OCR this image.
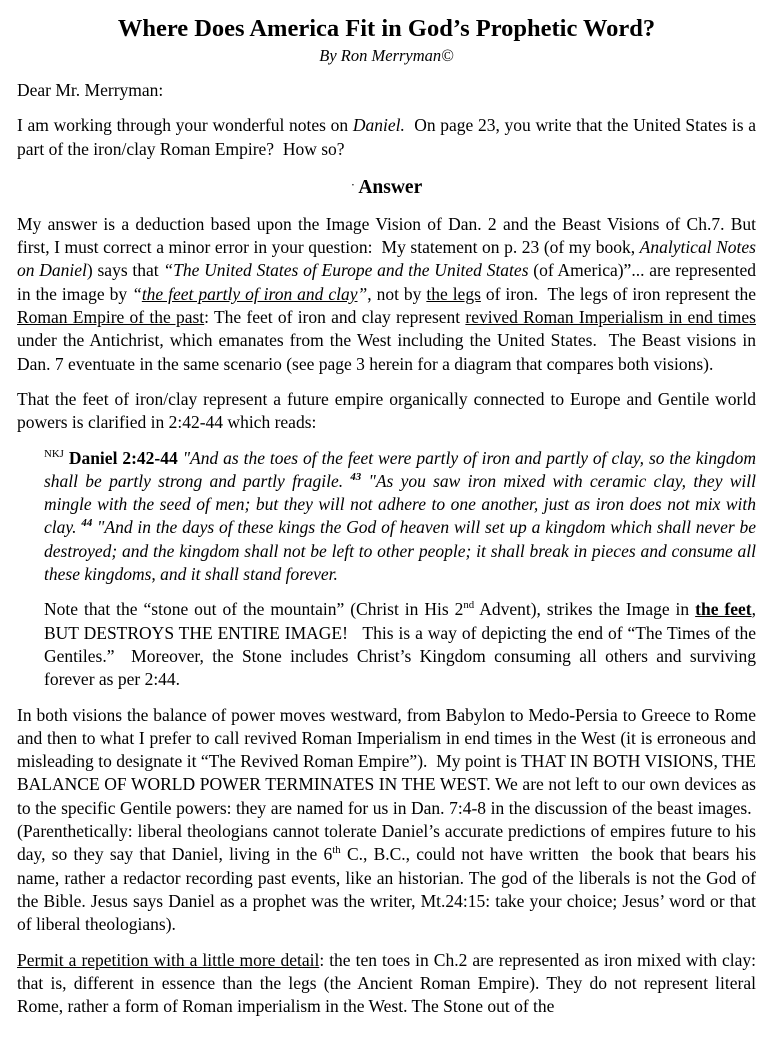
Where Does America Fit in God’s Prophetic Word?
By Ron Merryman©
Dear Mr. Merryman:
I am working through your wonderful notes on Daniel.  On page 23, you write that the United States is a part of the iron/clay Roman Empire?  How so?
· Answer
My answer is a deduction based upon the Image Vision of Dan. 2 and the Beast Visions of Ch.7. But first, I must correct a minor error in your question:  My statement on p. 23 (of my book, Analytical Notes on Daniel) says that “The United States of Europe and the United States (of America)”... are represented in the image by “the feet partly of iron and clay”, not by the legs of iron.  The legs of iron represent the Roman Empire of the past: The feet of iron and clay represent revived Roman Imperialism in end times under the Antichrist, which emanates from the West including the United States.  The Beast visions in Dan. 7 eventuate in the same scenario (see page 3 herein for a diagram that compares both visions).
That the feet of iron/clay represent a future empire organically connected to Europe and Gentile world powers is clarified in 2:42-44 which reads:
$^{NKJ}$ Daniel 2:42-44 "And as the toes of the feet were partly of iron and partly of clay, so the kingdom shall be partly strong and partly fragile. $^{43}$ "As you saw iron mixed with ceramic clay, they will mingle with the seed of men; but they will not adhere to one another, just as iron does not mix with clay. $^{44}$ "And in the days of these kings the God of heaven will set up a kingdom which shall never be destroyed; and the kingdom shall not be left to other people; it shall break in pieces and consume all these kingdoms, and it shall stand forever.
Note that the “stone out of the mountain” (Christ in His 2nd Advent), strikes the Image in the feet, BUT DESTROYS THE ENTIRE IMAGE!   This is a way of depicting the end of “The Times of the Gentiles.”  Moreover, the Stone includes Christ’s Kingdom consuming all others and surviving forever as per 2:44.
In both visions the balance of power moves westward, from Babylon to Medo-Persia to Greece to Rome and then to what I prefer to call revived Roman Imperialism in end times in the West (it is erroneous and misleading to designate it “The Revived Roman Empire”).  My point is THAT IN BOTH VISIONS, THE BALANCE OF WORLD POWER TERMINATES IN THE WEST. We are not left to our own devices as to the specific Gentile powers: they are named for us in Dan. 7:4-8 in the discussion of the beast images.  (Parenthetically: liberal theologians cannot tolerate Daniel’s accurate predictions of empires future to his day, so they say that Daniel, living in the 6th C., B.C., could not have written  the book that bears his name, rather a redactor recording past events, like an historian. The god of the liberals is not the God of the Bible. Jesus says Daniel as a prophet was the writer, Mt.24:15: take your choice; Jesus’ word or that of liberal theologians).
Permit a repetition with a little more detail: the ten toes in Ch.2 are represented as iron mixed with clay: that is, different in essence than the legs (the Ancient Roman Empire). They do not represent literal Rome, rather a form of Roman imperialism in the West. The Stone out of the
